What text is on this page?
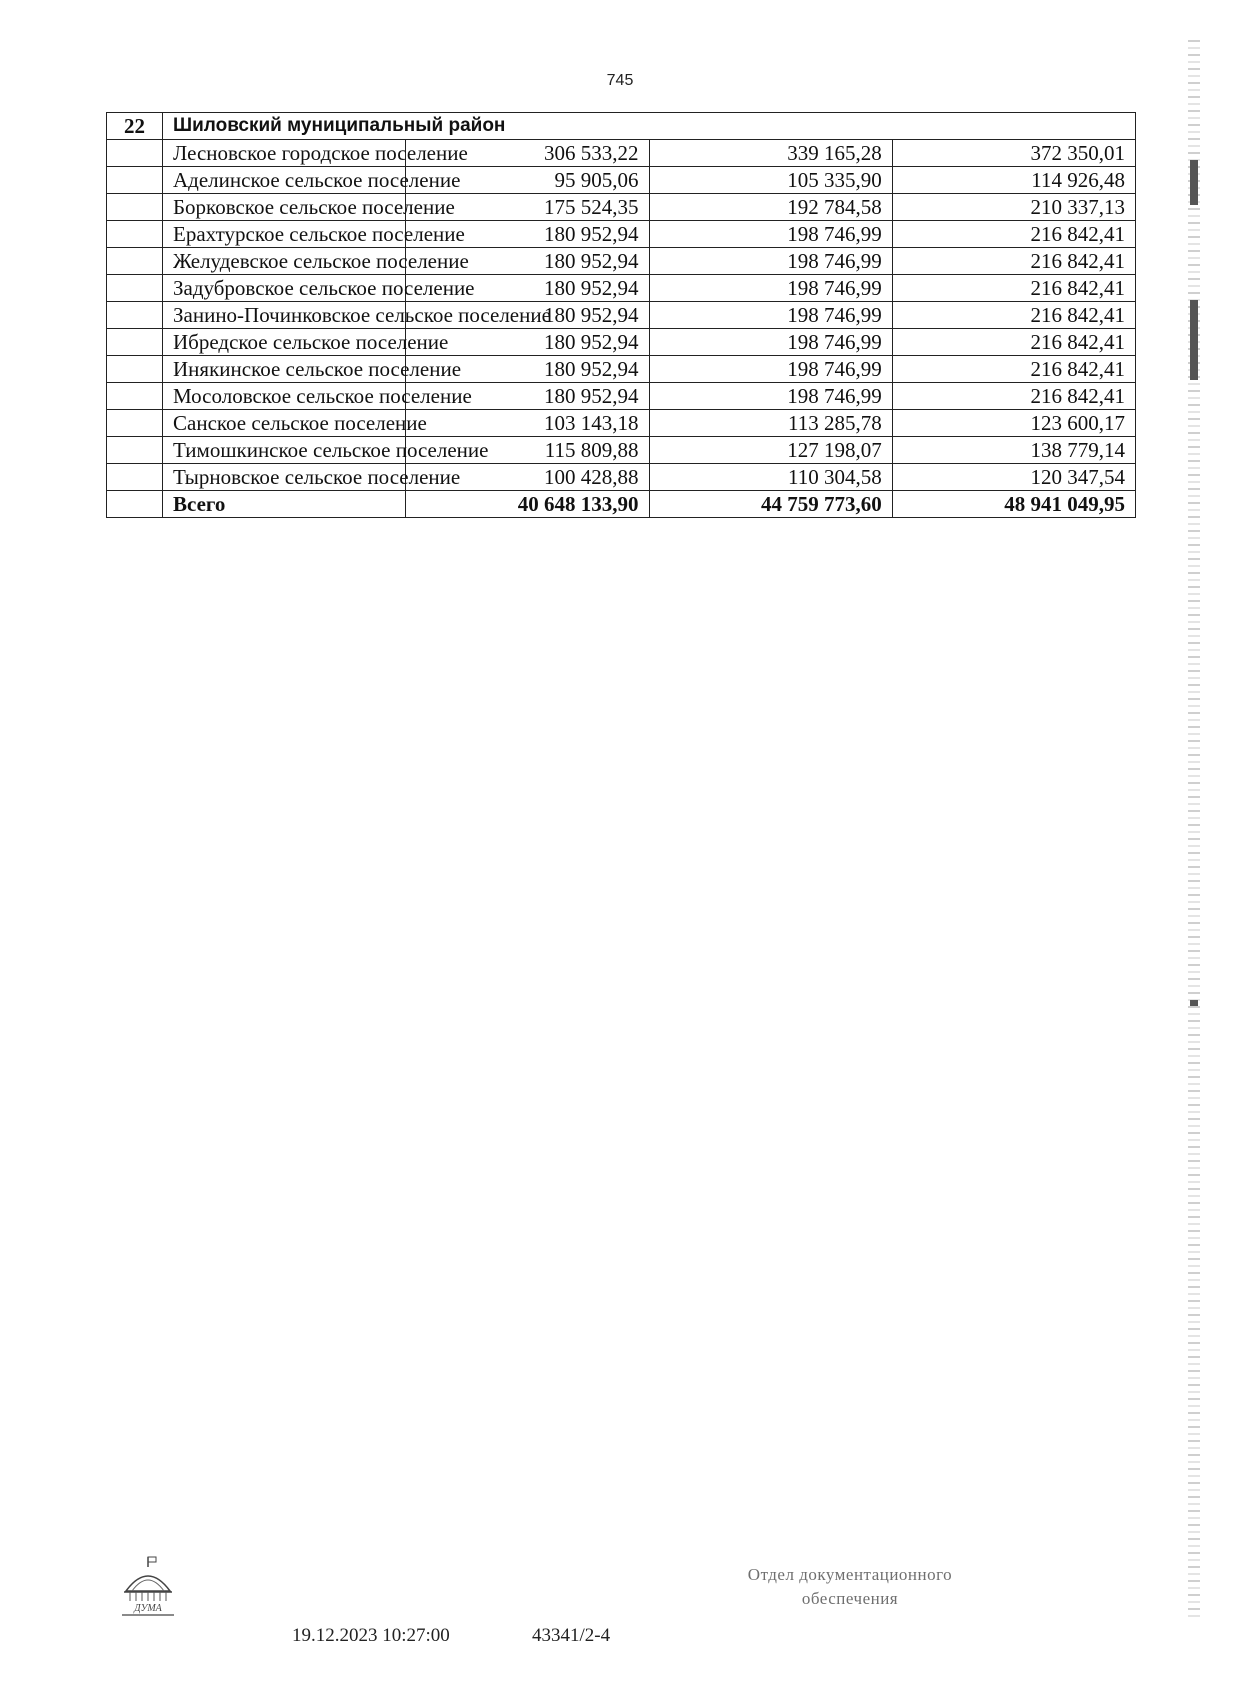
745
22	Шиловский муниципальный район			
	Лесновское городское поселение	306 533,22	339 165,28	372 350,01
	Аделинское сельское поселение	95 905,06	105 335,90	114 926,48
	Борковское сельское поселение	175 524,35	192 784,58	210 337,13
	Ерахтурское сельское поселение	180 952,94	198 746,99	216 842,41
	Желудевское сельское поселение	180 952,94	198 746,99	216 842,41
	Задубровское сельское поселение	180 952,94	198 746,99	216 842,41
	Занино-Починковское сельское поселение	180 952,94	198 746,99	216 842,41
	Ибредское сельское поселение	180 952,94	198 746,99	216 842,41
	Инякинское сельское поселение	180 952,94	198 746,99	216 842,41
	Мосоловское сельское поселение	180 952,94	198 746,99	216 842,41
	Санское сельское поселение	103 143,18	113 285,78	123 600,17
	Тимошкинское сельское поселение	115 809,88	127 198,07	138 779,14
	Тырновское сельское поселение	100 428,88	110 304,58	120 347,54
	Всего	40 648 133,90	44 759 773,60	48 941 049,95
ДУМА
19.12.2023 10:27:00	43341/2-4
Отдел документационного
обеспечения
